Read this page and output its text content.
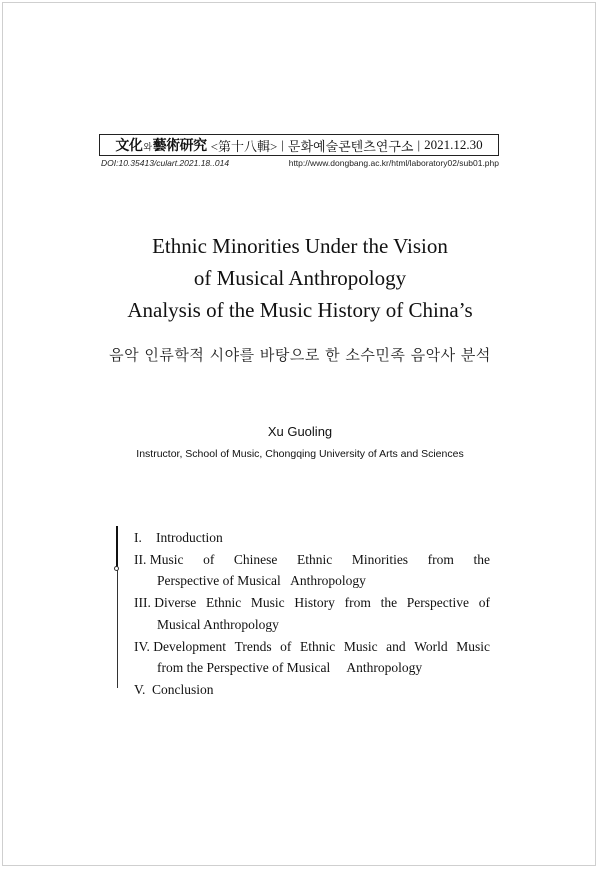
文化와藝術研究 <第十八輯> | 문화예술콘텐츠연구소 | 2021.12.30
DOI:10.35413/culart.2021.18..014	http://www.dongbang.ac.kr/html/laboratory02/sub01.php
Ethnic Minorities Under the Vision
of Musical Anthropology
Analysis of the Music History of China’s
음악 인류학적 시야를 바탕으로 한 소수민족 음악사 분석
Xu Guoling
Instructor, School of Music, Chongqing University of Arts and Sciences
I. Introduction
II. Music of Chinese Ethnic Minorities from the
Perspective of Musical   Anthropology
III. Diverse Ethnic Music History from the Perspective of
Musical Anthropology
IV. Development Trends of Ethnic Music and World Music
from the Perspective of Musical     Anthropology
V. Conclusion
